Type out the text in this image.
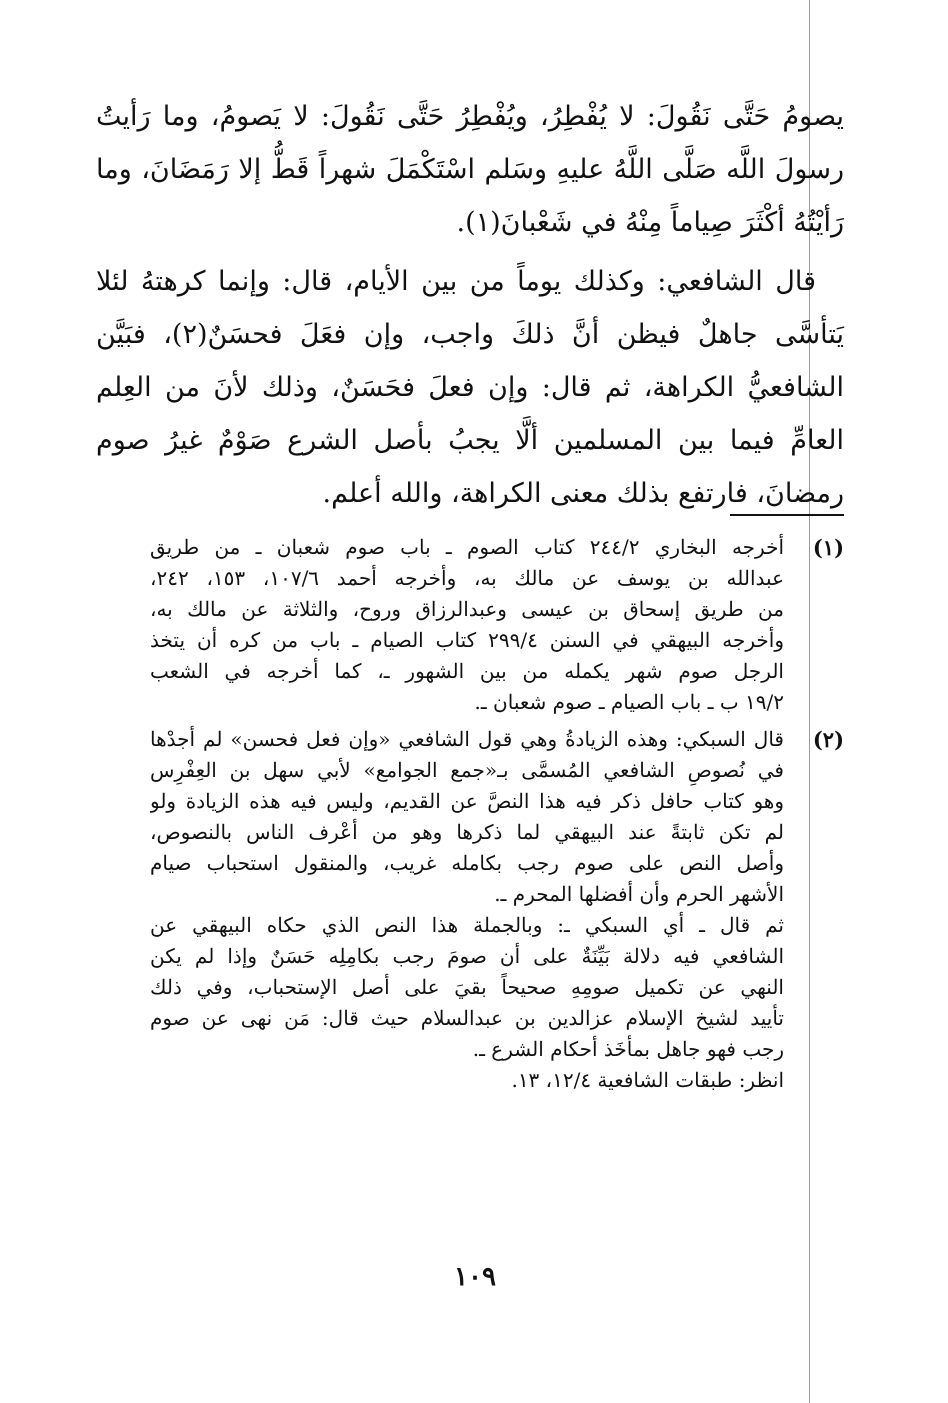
يصومُ حَتَّى نَقُولَ: لا يُفْطِرُ، ويُفْطِرُ حَتَّى نَقُولَ: لا يَصومُ، وما رَأيتُ رسولَ اللَّه صَلَّى اللَّهُ عليهِ وسَلم اسْتَكْمَلَ شهراً قَطُّ إلا رَمَضَانَ، وما رَأيْتُهُ أكْثَرَ صِياماً مِنْهُ في شَعْبانَ(١).

قال الشافعي: وكذلك يوماً من بين الأيام، قال: وإنما كرهتهُ لئلا يَتأسَّى جاهلٌ فيظن أنَّ ذلكَ واجب، وإن فعَلَ فحسَنٌ(٢)، فبَيَّن الشافعيُّ الكراهة، ثم قال: وإن فعلَ فحَسَنٌ، وذلك لأنَ من العِلم العامِّ فيما بين المسلمين ألَّا يجبُ بأصل الشرع صَوْمٌ غيرُ صوم رمضانَ، فارتفع بذلك معنى الكراهة، والله أعلم.

(١)
أخرجه البخاري ٢٤٤/٢ كتاب الصوم ـ باب صوم شعبان ـ من طريق
عبدالله بن يوسف عن مالك به، وأخرجه أحمد ١٠٧/٦، ١٥٣، ٢٤٢،
من طريق إسحاق بن عيسى وعبدالرزاق وروح، والثلاثة عن مالك به،
وأخرجه البيهقي في السنن ٢٩٩/٤ كتاب الصيام ـ باب من كره أن يتخذ
الرجل صوم شهر يكمله من بين الشهور ـ، كما أخرجه في الشعب
١٩/٢ ب ـ باب الصيام ـ صوم شعبان ـ.
(٢)
قال السبكي: وهذه الزيادةُ وهي قول الشافعي «وإن فعل فحسن» لم أجدْها
في نُصوصِ الشافعي المُسمَّى بـ«جمع الجوامع» لأبي سهل بن العِفْرِس
وهو كتاب حافل ذكر فيه هذا النصَّ عن القديم، وليس فيه هذه الزيادة ولو
لم تكن ثابتةً عند البيهقي لما ذكرها وهو من أعْرف الناس بالنصوص،
وأصل النص على صوم رجب بكامله غريب، والمنقول استحباب صيام
الأشهر الحرم وأن أفضلها المحرم ـ.
ثم قال ـ أي السبكي ـ: وبالجملة هذا النص الذي حكاه البيهقي عن
الشافعي فيه دلالة بَيِّنَةٌ على أن صومَ رجب بكامِلِه حَسَنٌ وإذا لم يكن
النهي عن تكميل صومِهِ صحيحاً بقيَ على أصل الإستحباب، وفي ذلك
تأييد لشيخ الإسلام عزالدين بن عبدالسلام حيث قال: مَن نهى عن صوم
رجب فهو جاهل بمأْخَذ أحكام الشرع ـ.
انظر: طبقات الشافعية ١٢/٤، ١٣.
١٠٩
